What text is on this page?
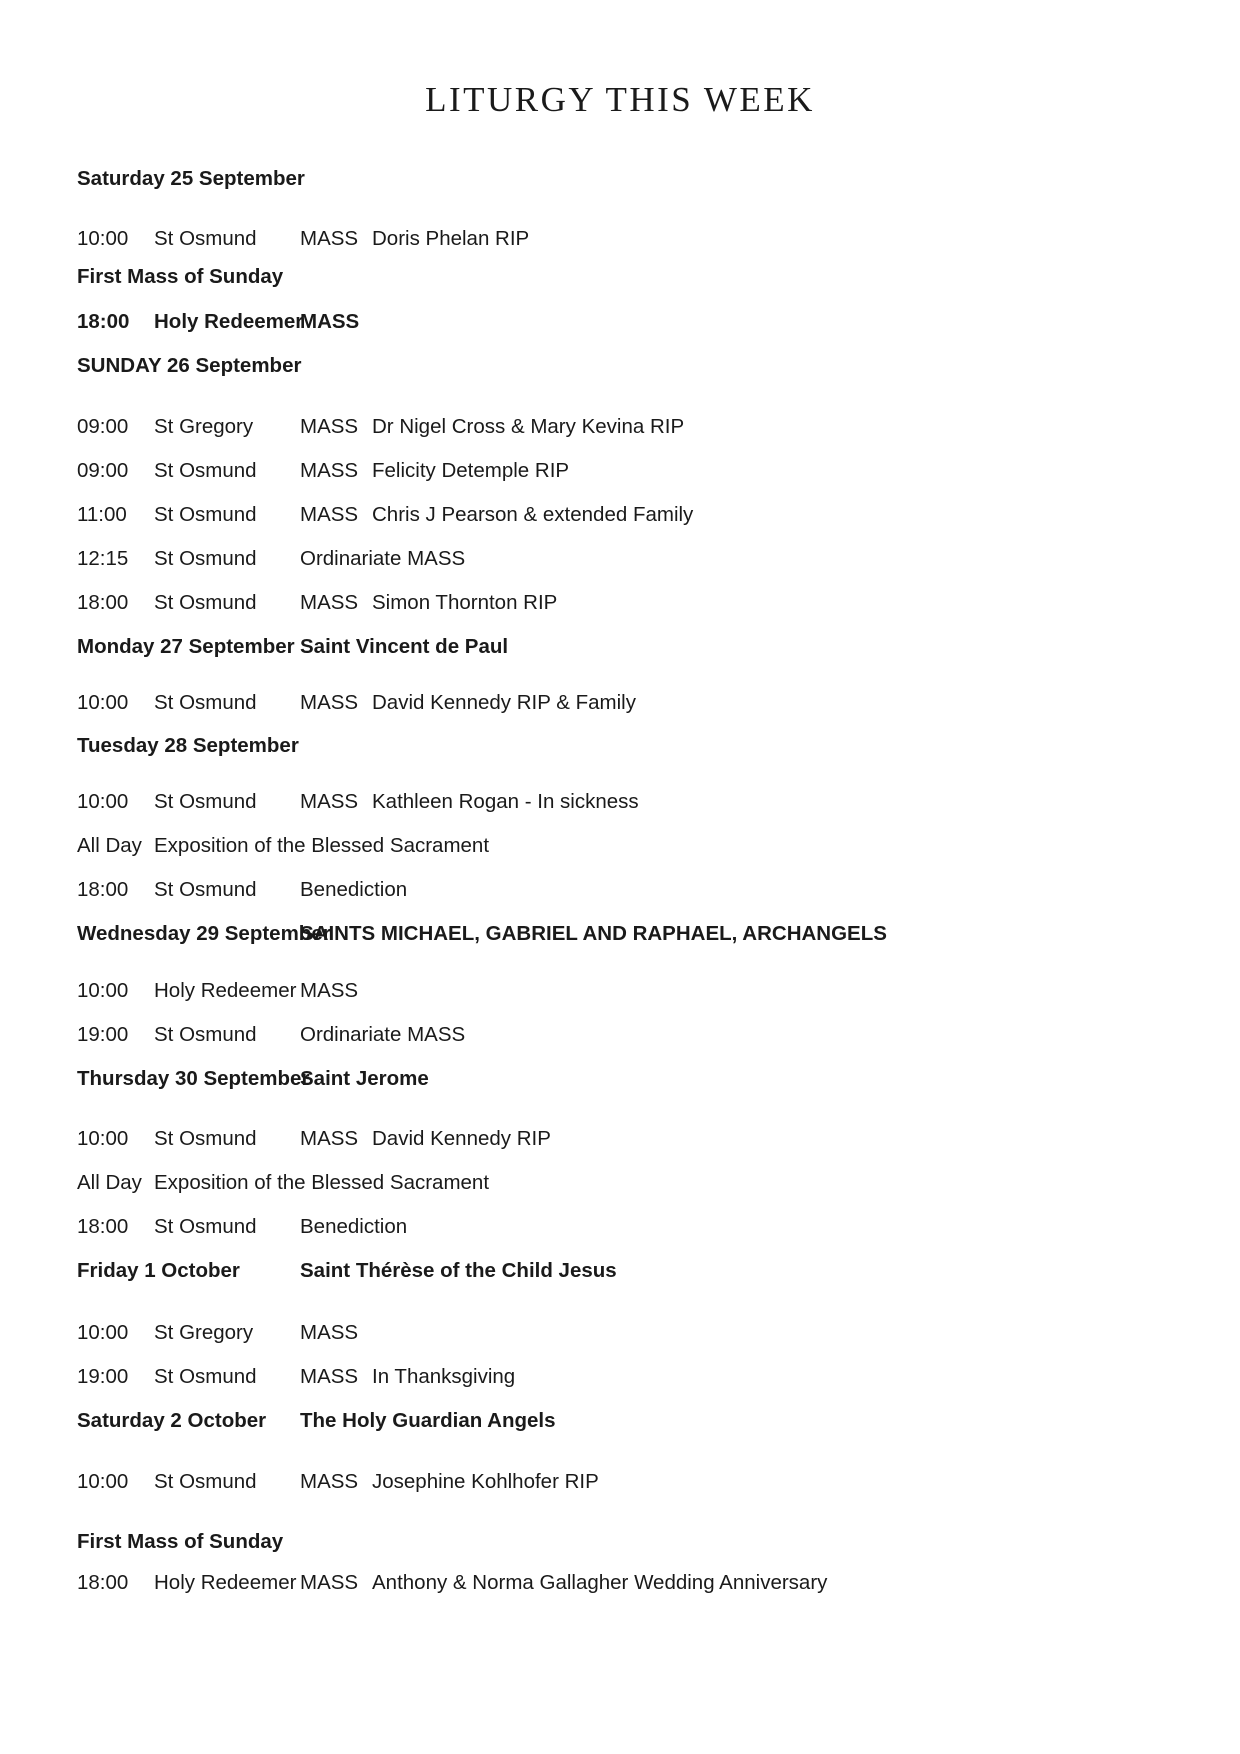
LITURGY THIS WEEK
Saturday 25 September
10:00 St Osmund MASS Doris Phelan RIP
First Mass of Sunday
18:00 Holy Redeemer
MASS
SUNDAY 26 September
09:00 St Gregory MASS Dr Nigel Cross & Mary Kevina RIP
09:00 St Osmund MASS Felicity Detemple RIP
11:00 St Osmund MASS Chris J Pearson & extended Family
12:15 St Osmund Ordinariate MASS
18:00 St Osmund MASS Simon Thornton RIP
Monday 27 September Saint Vincent de Paul
10:00 St Osmund MASS David Kennedy RIP & Family
Tuesday 28 September
10:00 St Osmund MASS Kathleen Rogan - In sickness
All Day Exposition of the Blessed Sacrament
18:00 St Osmund Benediction
Wednesday 29 September
SAINTS MICHAEL, GABRIEL AND RAPHAEL, ARCHANGELS
10:00 Holy Redeemer MASS
19:00 St Osmund Ordinariate MASS
Thursday 30 September
Saint Jerome
10:00 St Osmund MASS David Kennedy RIP
All Day Exposition of the Blessed Sacrament
18:00 St Osmund Benediction
Friday 1 October	Saint Thérèse of the Child Jesus
10:00 St Gregory MASS
19:00 St Osmund MASS In Thanksgiving
Saturday 2 October The Holy Guardian Angels
10:00 St Osmund MASS Josephine Kohlhofer RIP
First Mass of Sunday
18:00 Holy Redeemer MASS Anthony & Norma Gallagher Wedding Anniversary
